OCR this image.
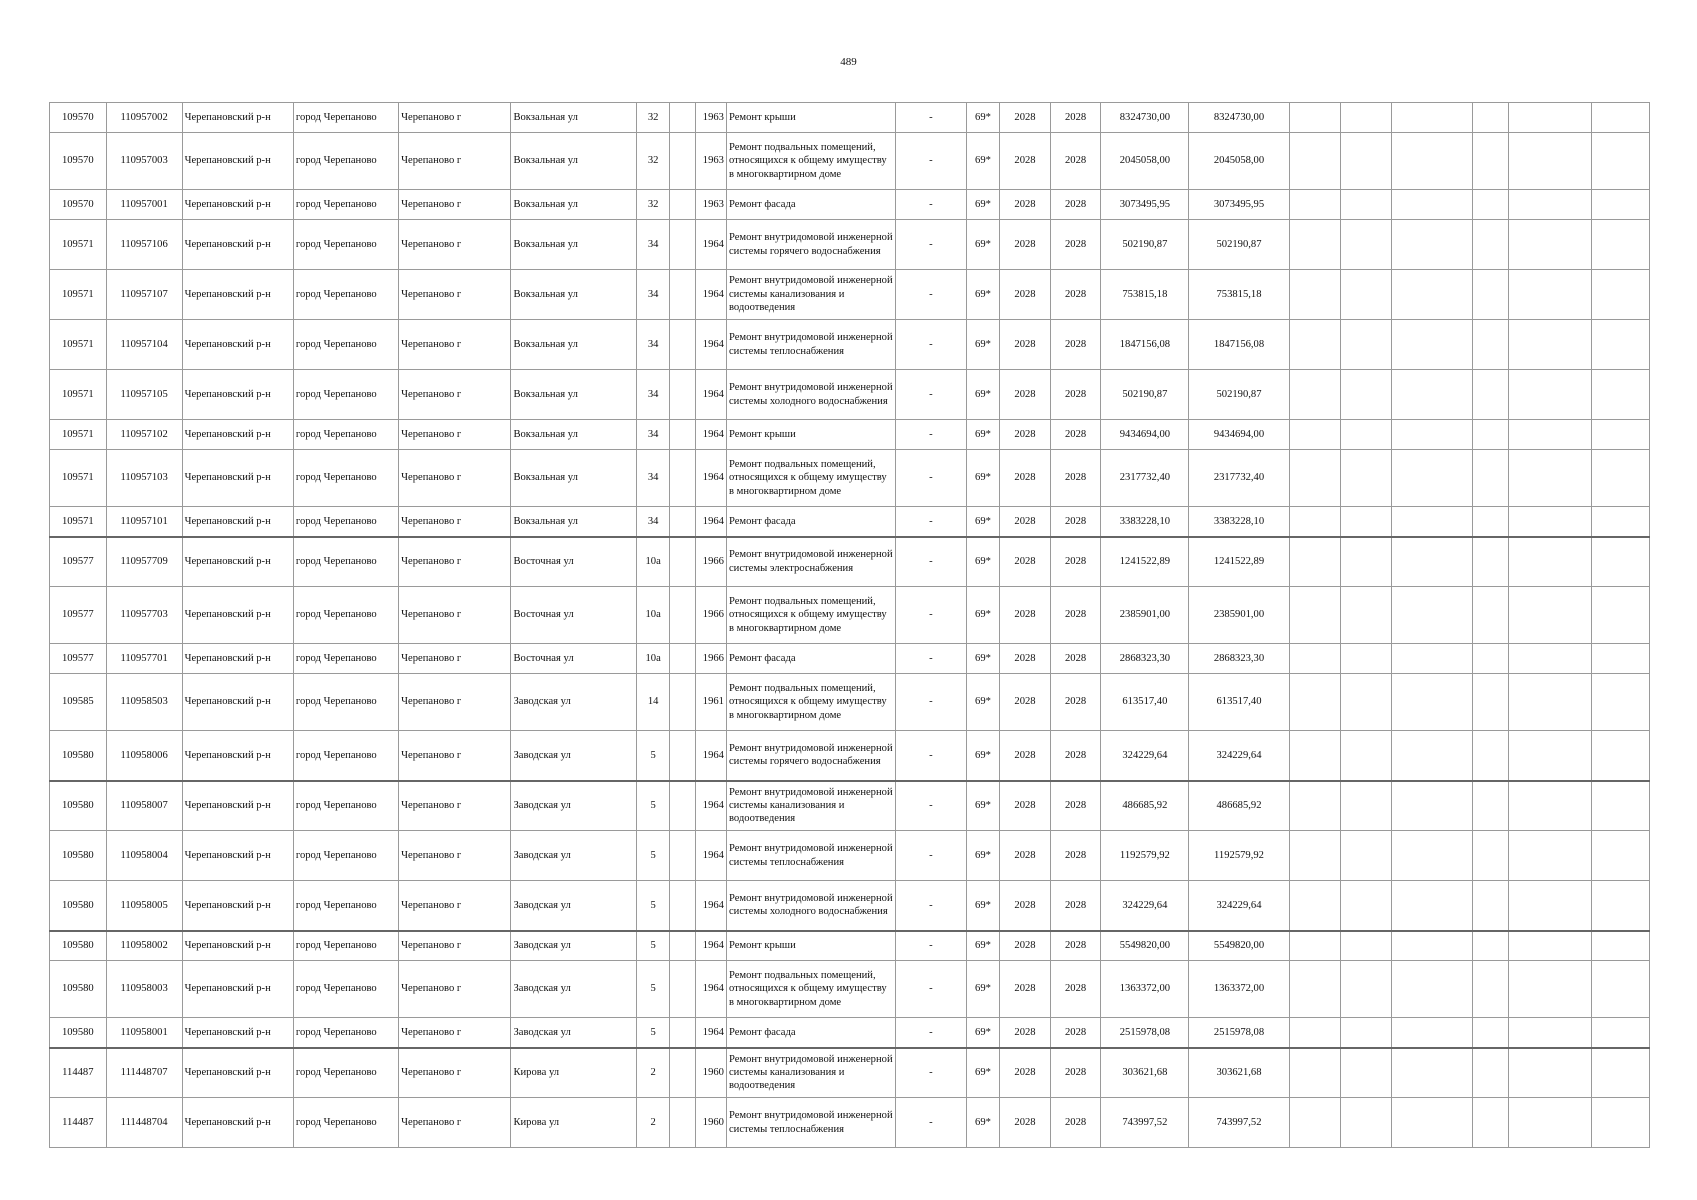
489
109570	110957002	Черепановский р-н	город Черепаново	Черепаново г	Вокзальная ул	32		1963	Ремонт крыши	-	69*	2028	2028	8324730,00	8324730,00						
109570	110957003	Черепановский р-н	город Черепаново	Черепаново г	Вокзальная ул	32		1963	Ремонт подвальных помещений, относящихся к общему имуществу в многоквартирном доме	-	69*	2028	2028	2045058,00	2045058,00						
109570	110957001	Черепановский р-н	город Черепаново	Черепаново г	Вокзальная ул	32		1963	Ремонт фасада	-	69*	2028	2028	3073495,95	3073495,95						
109571	110957106	Черепановский р-н	город Черепаново	Черепаново г	Вокзальная ул	34		1964	Ремонт внутридомовой инженерной системы горячего водоснабжения	-	69*	2028	2028	502190,87	502190,87						
109571	110957107	Черепановский р-н	город Черепаново	Черепаново г	Вокзальная ул	34		1964	Ремонт внутридомовой инженерной системы канализования и водоотведения	-	69*	2028	2028	753815,18	753815,18						
109571	110957104	Черепановский р-н	город Черепаново	Черепаново г	Вокзальная ул	34		1964	Ремонт внутридомовой инженерной системы теплоснабжения	-	69*	2028	2028	1847156,08	1847156,08						
109571	110957105	Черепановский р-н	город Черепаново	Черепаново г	Вокзальная ул	34		1964	Ремонт внутридомовой инженерной системы холодного водоснабжения	-	69*	2028	2028	502190,87	502190,87						
109571	110957102	Черепановский р-н	город Черепаново	Черепаново г	Вокзальная ул	34		1964	Ремонт крыши	-	69*	2028	2028	9434694,00	9434694,00						
109571	110957103	Черепановский р-н	город Черепаново	Черепаново г	Вокзальная ул	34		1964	Ремонт подвальных помещений, относящихся к общему имуществу в многоквартирном доме	-	69*	2028	2028	2317732,40	2317732,40						
109571	110957101	Черепановский р-н	город Черепаново	Черепаново г	Вокзальная ул	34		1964	Ремонт фасада	-	69*	2028	2028	3383228,10	3383228,10						
109577	110957709	Черепановский р-н	город Черепаново	Черепаново г	Восточная ул	10а		1966	Ремонт внутридомовой инженерной системы электроснабжения	-	69*	2028	2028	1241522,89	1241522,89						
109577	110957703	Черепановский р-н	город Черепаново	Черепаново г	Восточная ул	10а		1966	Ремонт подвальных помещений, относящихся к общему имуществу в многоквартирном доме	-	69*	2028	2028	2385901,00	2385901,00						
109577	110957701	Черепановский р-н	город Черепаново	Черепаново г	Восточная ул	10а		1966	Ремонт фасада	-	69*	2028	2028	2868323,30	2868323,30						
109585	110958503	Черепановский р-н	город Черепаново	Черепаново г	Заводская ул	14		1961	Ремонт подвальных помещений, относящихся к общему имуществу в многоквартирном доме	-	69*	2028	2028	613517,40	613517,40						
109580	110958006	Черепановский р-н	город Черепаново	Черепаново г	Заводская ул	5		1964	Ремонт внутридомовой инженерной системы горячего водоснабжения	-	69*	2028	2028	324229,64	324229,64						
109580	110958007	Черепановский р-н	город Черепаново	Черепаново г	Заводская ул	5		1964	Ремонт внутридомовой инженерной системы канализования и водоотведения	-	69*	2028	2028	486685,92	486685,92						
109580	110958004	Черепановский р-н	город Черепаново	Черепаново г	Заводская ул	5		1964	Ремонт внутридомовой инженерной системы теплоснабжения	-	69*	2028	2028	1192579,92	1192579,92						
109580	110958005	Черепановский р-н	город Черепаново	Черепаново г	Заводская ул	5		1964	Ремонт внутридомовой инженерной системы холодного водоснабжения	-	69*	2028	2028	324229,64	324229,64						
109580	110958002	Черепановский р-н	город Черепаново	Черепаново г	Заводская ул	5		1964	Ремонт крыши	-	69*	2028	2028	5549820,00	5549820,00						
109580	110958003	Черепановский р-н	город Черепаново	Черепаново г	Заводская ул	5		1964	Ремонт подвальных помещений, относящихся к общему имуществу в многоквартирном доме	-	69*	2028	2028	1363372,00	1363372,00						
109580	110958001	Черепановский р-н	город Черепаново	Черепаново г	Заводская ул	5		1964	Ремонт фасада	-	69*	2028	2028	2515978,08	2515978,08						
114487	111448707	Черепановский р-н	город Черепаново	Черепаново г	Кирова ул	2		1960	Ремонт внутридомовой инженерной системы канализования и водоотведения	-	69*	2028	2028	303621,68	303621,68						
114487	111448704	Черепановский р-н	город Черепаново	Черепаново г	Кирова ул	2		1960	Ремонт внутридомовой инженерной системы теплоснабжения	-	69*	2028	2028	743997,52	743997,52						
